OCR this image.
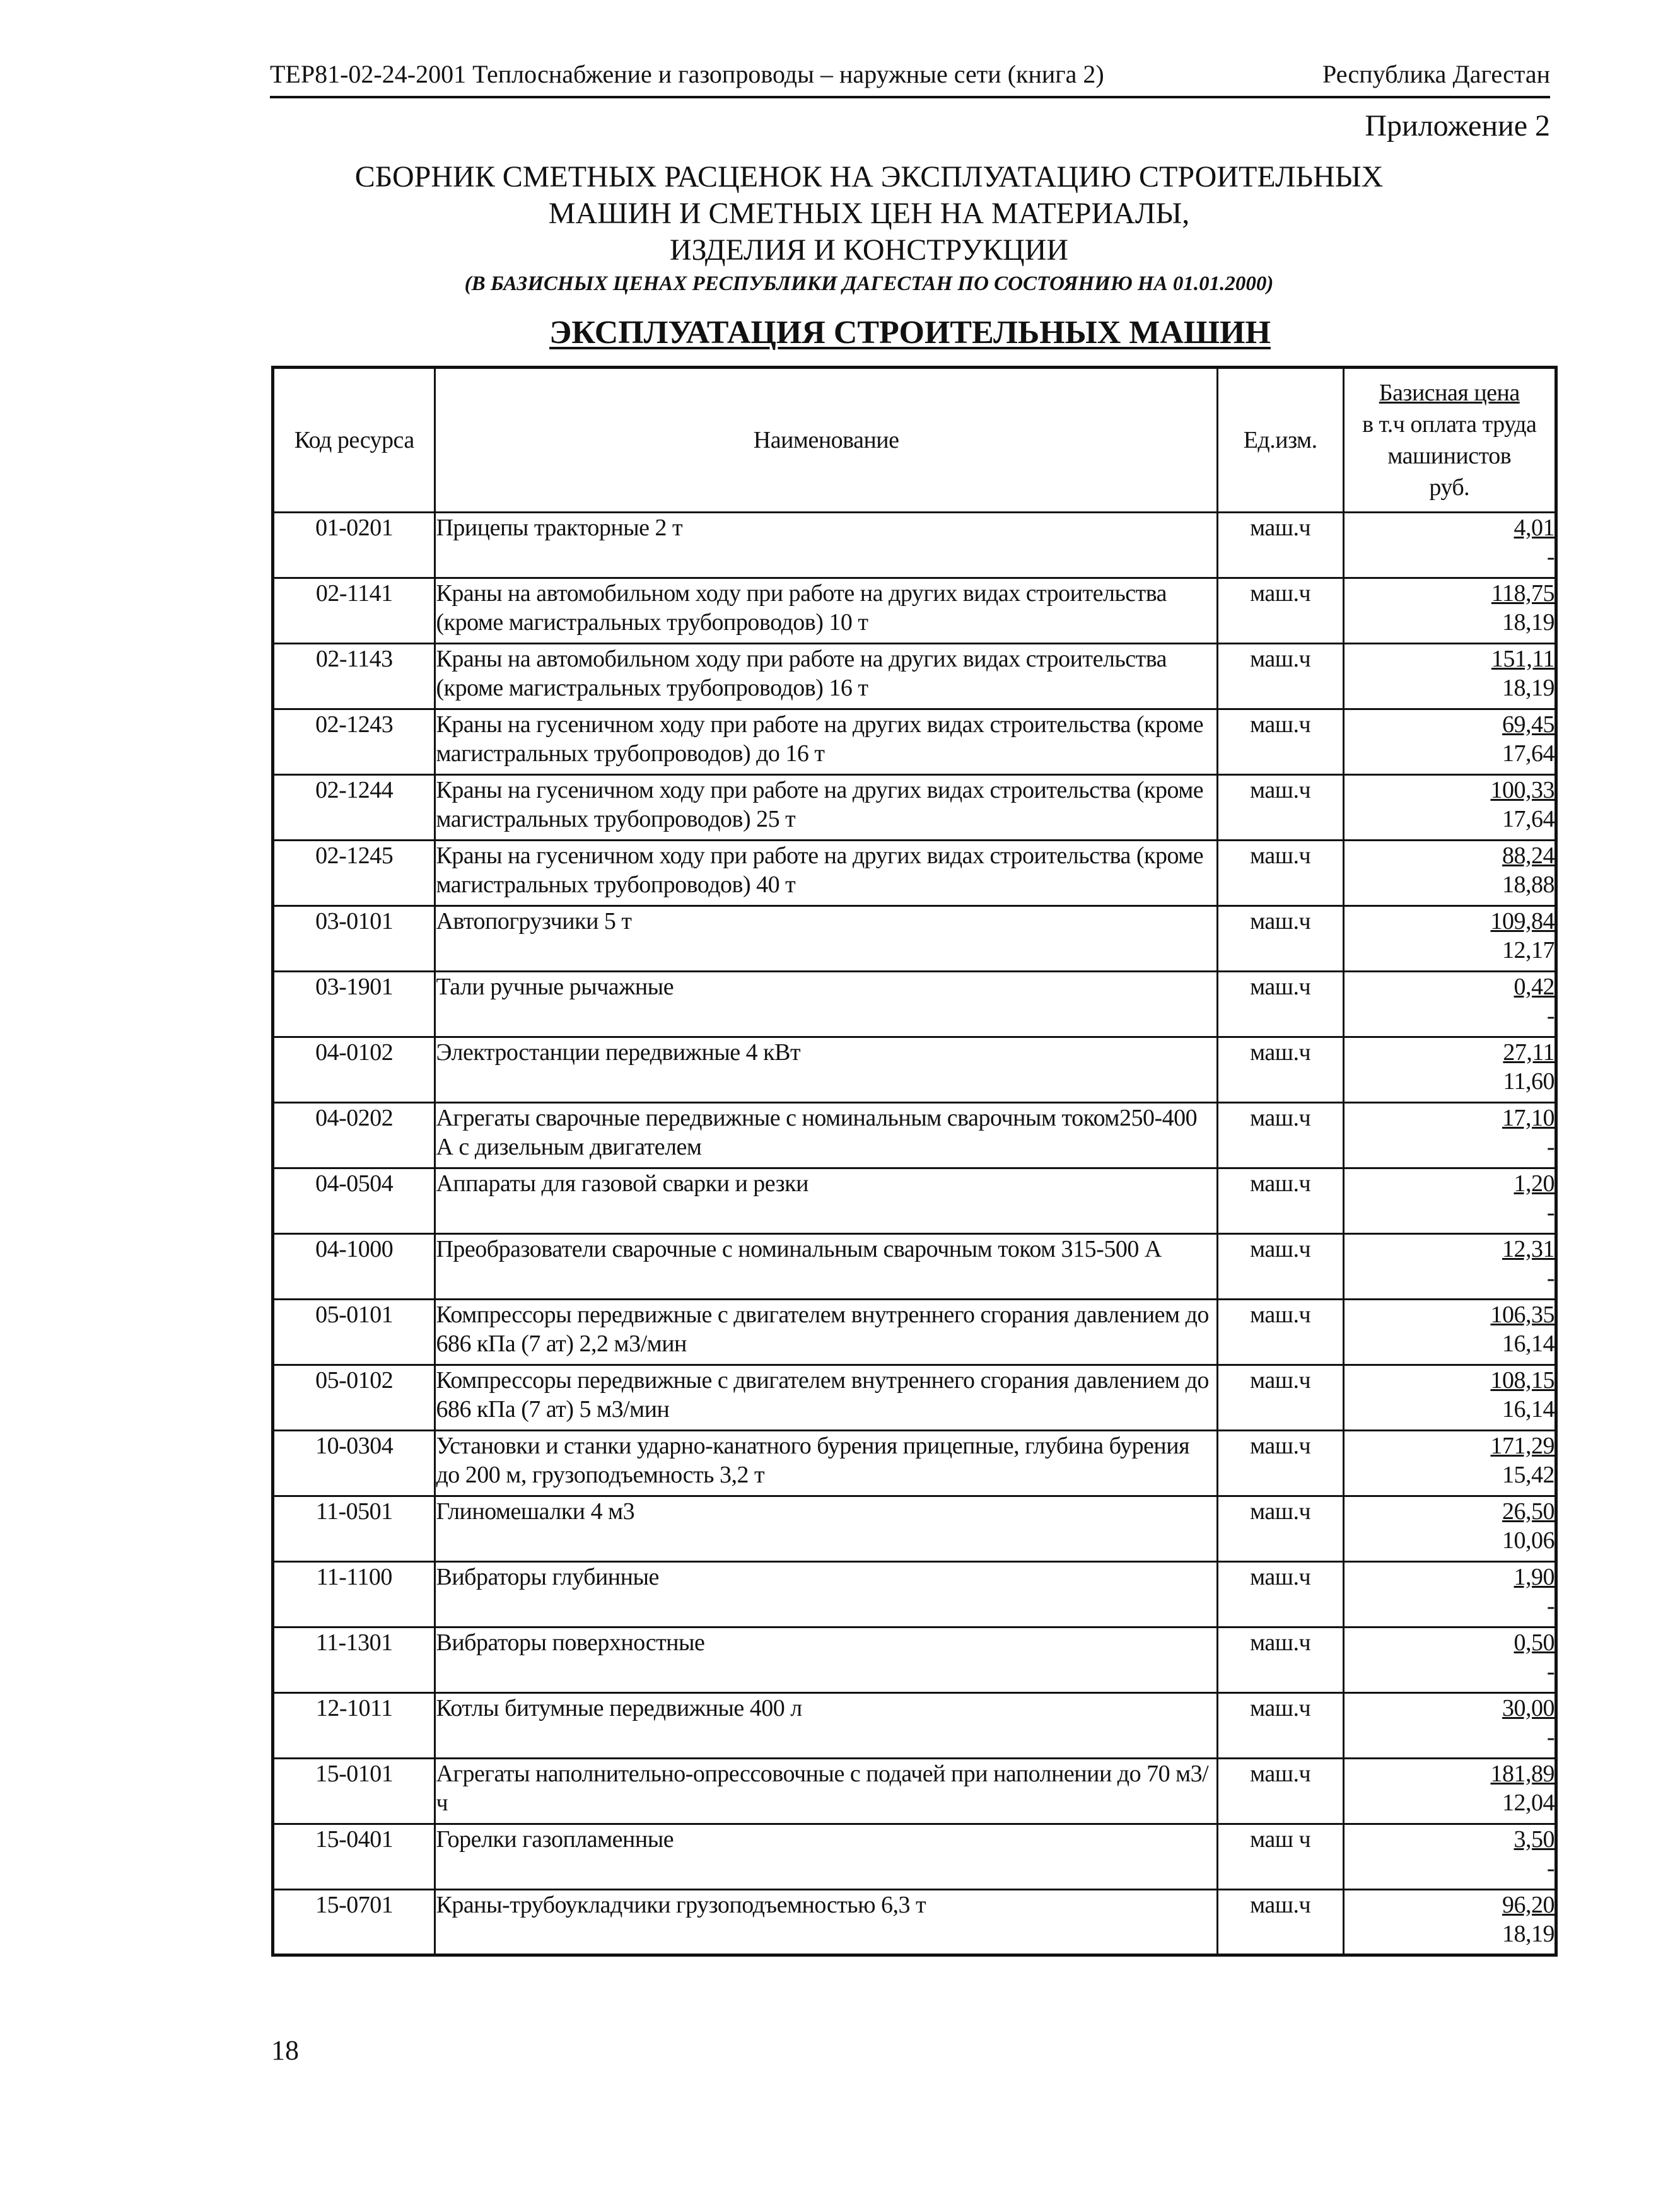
ТЕР81-02-24-2001 Теплоснабжение и газопроводы – наружные сети (книга 2)	Республика Дагестан
Приложение 2
СБОРНИК СМЕТНЫХ РАСЦЕНОК НА ЭКСПЛУАТАЦИЮ СТРОИТЕЛЬНЫХ
МАШИН И СМЕТНЫХ ЦЕН НА МАТЕРИАЛЫ,
ИЗДЕЛИЯ И КОНСТРУКЦИИ
(В БАЗИСНЫХ ЦЕНАХ РЕСПУБЛИКИ ДАГЕСТАН ПО СОСТОЯНИЮ НА 01.01.2000)
ЭКСПЛУАТАЦИЯ СТРОИТЕЛЬНЫХ МАШИН
Код ресурса	Наименование	Ед.изм.	Базисная цена
в т.ч оплата труда
машинистов
руб.

01-0201	Прицепы тракторные 2 т	маш.ч	4,01
-

02-1141	Краны на автомобильном ходу при работе на других видах строительства (кроме магистральных трубопроводов) 10 т	маш.ч	118,75
18,19

02-1143	Краны на автомобильном ходу при работе на других видах строительства (кроме магистральных трубопроводов) 16 т	маш.ч	151,11
18,19

02-1243	Краны на гусеничном ходу при работе на других видах строительства (кроме магистральных трубопроводов) до 16 т	маш.ч	69,45
17,64

02-1244	Краны на гусеничном ходу при работе на других видах строительства (кроме магистральных трубопроводов) 25 т	маш.ч	100,33
17,64

02-1245	Краны на гусеничном ходу при работе на других видах строительства (кроме магистральных трубопроводов) 40 т	маш.ч	88,24
18,88

03-0101	Автопогрузчики 5 т	маш.ч	109,84
12,17

03-1901	Тали ручные рычажные	маш.ч	0,42
-

04-0102	Электростанции передвижные 4 кВт	маш.ч	27,11
11,60

04-0202	Агрегаты сварочные передвижные с номинальным сварочным током250-400 А с дизельным двигателем	маш.ч	17,10
-

04-0504	Аппараты для газовой сварки и резки	маш.ч	1,20
-

04-1000	Преобразователи сварочные с номинальным сварочным током 315-500 А	маш.ч	12,31
-

05-0101	Компрессоры передвижные с двигателем внутреннего сгорания давлением до 686 кПа (7 ат) 2,2 м3/мин	маш.ч	106,35
16,14

05-0102	Компрессоры передвижные с двигателем внутреннего сгорания давлением до 686 кПа (7 ат) 5 м3/мин	маш.ч	108,15
16,14

10-0304	Установки и станки ударно-канатного бурения прицепные, глубина бурения до 200 м, грузоподъемность 3,2 т	маш.ч	171,29
15,42

11-0501	Глиномешалки 4 м3	маш.ч	26,50
10,06

11-1100	Вибраторы глубинные	маш.ч	1,90
-

11-1301	Вибраторы поверхностные	маш.ч	0,50
-

12-1011	Котлы битумные передвижные 400 л	маш.ч	30,00
-

15-0101	Агрегаты наполнительно-опрессовочные с подачей при наполнении до 70 м3/ч	маш.ч	181,89
12,04

15-0401	Горелки газопламенные	маш ч	3,50
-

15-0701	Краны-трубоукладчики грузоподъемностью 6,3 т	маш.ч	96,20
18,19
18
